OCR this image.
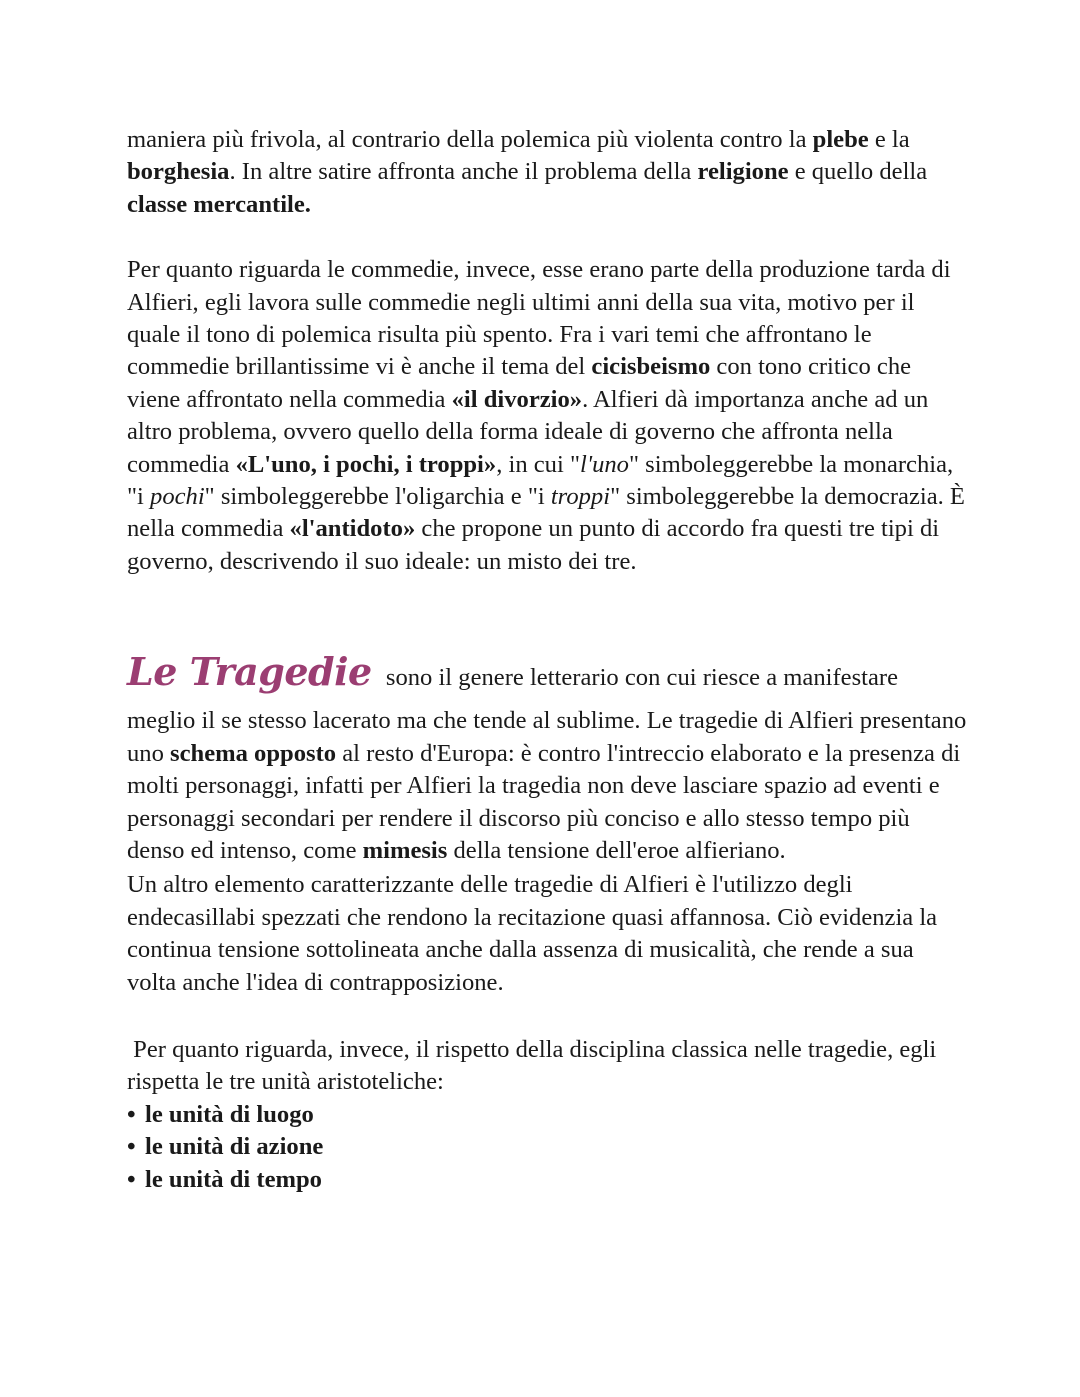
maniera più frivola, al contrario della polemica più violenta contro la plebe e la borghesia. In altre satire affronta anche il problema della religione e quello della classe mercantile.

Per quanto riguarda le commedie, invece, esse erano parte della produzione tarda di Alfieri, egli lavora sulle commedie negli ultimi anni della sua vita, motivo per il quale il tono di polemica risulta più spento. Fra i vari temi che affrontano le commedie brillantissime vi è anche il tema del cicisbeismo con tono critico che viene affrontato nella commedia «il divorzio». Alfieri dà importanza anche ad un altro problema, ovvero quello della forma ideale di governo che affronta nella commedia «L'uno, i pochi, i troppi», in cui "l'uno" simboleggerebbe la monarchia, "i pochi" simboleggerebbe l'oligarchia e "i troppi" simboleggerebbe la democrazia. È nella commedia «l'antidoto» che propone un punto di accordo fra questi tre tipi di governo, descrivendo il suo ideale: un misto dei tre.

Le Tragedie sono il genere letterario con cui riesce a manifestare

meglio il se stesso lacerato ma che tende al sublime. Le tragedie di Alfieri presentano uno schema opposto al resto d'Europa: è contro l'intreccio elaborato e la presenza di molti personaggi, infatti per Alfieri la tragedia non deve lasciare spazio ad eventi e personaggi secondari per rendere il discorso più conciso e allo stesso tempo più denso ed intenso, come mimesis della tensione dell'eroe alfieriano.

Un altro elemento caratterizzante delle tragedie di Alfieri è l'utilizzo degli endecasillabi spezzati che rendono la recitazione quasi affannosa. Ciò evidenzia la continua tensione sottolineata anche dalla assenza di musicalità, che rende a sua volta anche l'idea di contrapposizione.

Per quanto riguarda, invece, il rispetto della disciplina classica nelle tragedie, egli rispetta le tre unità aristoteliche:

• le unità di luogo
• le unità di azione
• le unità di tempo
